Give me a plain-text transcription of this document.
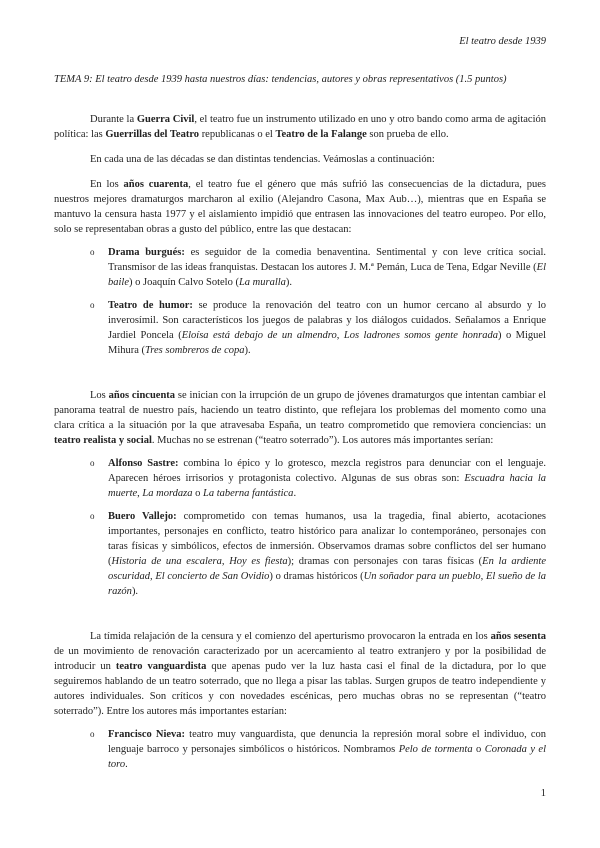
El teatro desde 1939
TEMA 9: El teatro desde 1939 hasta nuestros días: tendencias, autores y obras representativos (1.5 puntos)

Durante la Guerra Civil, el teatro fue un instrumento utilizado en uno y otro bando como arma de agitación política: las Guerrillas del Teatro republicanas o el Teatro de la Falange son prueba de ello.

En cada una de las décadas se dan distintas tendencias. Veámoslas a continuación:

En los años cuarenta, el teatro fue el género que más sufrió las consecuencias de la dictadura, pues nuestros mejores dramaturgos marcharon al exilio (Alejandro Casona, Max Aub…), mientras que en España se mantuvo la censura hasta 1977 y el aislamiento impidió que entrasen las innovaciones del teatro europeo. Por ello, solo se representaban obras a gusto del público, entre las que destacan:

o Drama burgués: es seguidor de la comedia benaventina. Sentimental y con leve crítica social. Transmisor de las ideas franquistas. Destacan los autores J. M.ª Pemán, Luca de Tena, Edgar Neville (El baile) o Joaquín Calvo Sotelo (La muralla).
o Teatro de humor: se produce la renovación del teatro con un humor cercano al absurdo y lo inverosímil. Son característicos los juegos de palabras y los diálogos cuidados. Señalamos a Enrique Jardiel Poncela (Eloísa está debajo de un almendro, Los ladrones somos gente honrada) o Miguel Mihura (Tres sombreros de copa).

Los años cincuenta se inician con la irrupción de un grupo de jóvenes dramaturgos que intentan cambiar el panorama teatral de nuestro país, haciendo un teatro distinto, que reflejara los problemas del momento como una clara crítica a la situación por la que atravesaba España, un teatro comprometido que removiera conciencias: un teatro realista y social. Muchas no se estrenan (“teatro soterrado”). Los autores más importantes serían:

o Alfonso Sastre: combina lo épico y lo grotesco, mezcla registros para denunciar con el lenguaje. Aparecen héroes irrisorios y protagonista colectivo. Algunas de sus obras son: Escuadra hacia la muerte, La mordaza o La taberna fantástica.
o Buero Vallejo: comprometido con temas humanos, usa la tragedia, final abierto, acotaciones importantes, personajes en conflicto, teatro histórico para analizar lo contemporáneo, personajes con taras físicas y simbólicos, efectos de inmersión. Observamos dramas sobre conflictos del ser humano (Historia de una escalera, Hoy es fiesta); dramas con personajes con taras físicas (En la ardiente oscuridad, El concierto de San Ovidio) o dramas históricos (Un soñador para un pueblo, El sueño de la razón).

La tímida relajación de la censura y el comienzo del aperturismo provocaron la entrada en los años sesenta de un movimiento de renovación caracterizado por un acercamiento al teatro extranjero y por la posibilidad de introducir un teatro vanguardista que apenas pudo ver la luz hasta casi el final de la dictadura, por lo que seguiremos hablando de un teatro soterrado, que no llega a pisar las tablas. Surgen grupos de teatro independiente y autores individuales. Son críticos y con novedades escénicas, pero muchas obras no se representan (“teatro soterrado”). Entre los autores más importantes estarían:

o Francisco Nieva: teatro muy vanguardista, que denuncia la represión moral sobre el individuo, con lenguaje barroco y personajes simbólicos o históricos. Nombramos Pelo de tormenta o Coronada y el toro.
1
